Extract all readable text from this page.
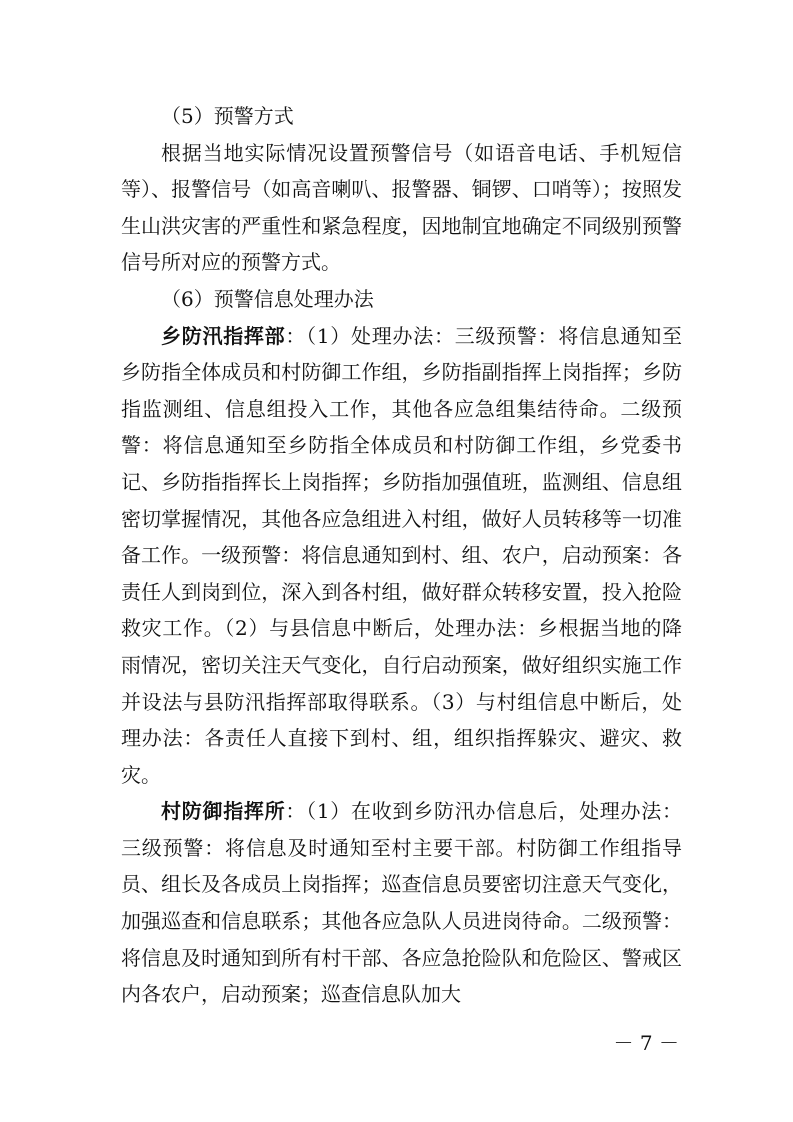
（5）预警方式

根据当地实际情况设置预警信号（如语音电话、手机短信等）、报警信号（如高音喇叭、报警器、铜锣、口哨等）；按照发生山洪灾害的严重性和紧急程度，因地制宜地确定不同级别预警信号所对应的预警方式。

（6）预警信息处理办法

乡防汛指挥部：（1）处理办法：三级预警：将信息通知至乡防指全体成员和村防御工作组，乡防指副指挥上岗指挥；乡防指监测组、信息组投入工作，其他各应急组集结待命。二级预警：将信息通知至乡防指全体成员和村防御工作组，乡党委书记、乡防指指挥长上岗指挥；乡防指加强值班，监测组、信息组密切掌握情况，其他各应急组进入村组，做好人员转移等一切准备工作。一级预警：将信息通知到村、组、农户，启动预案：各责任人到岗到位，深入到各村组，做好群众转移安置，投入抢险救灾工作。（2）与县信息中断后，处理办法：乡根据当地的降雨情况，密切关注天气变化，自行启动预案，做好组织实施工作并设法与县防汛指挥部取得联系。（3）与村组信息中断后，处理办法：各责任人直接下到村、组，组织指挥躲灾、避灾、救灾。

村防御指挥所：（1）在收到乡防汛办信息后，处理办法：三级预警：将信息及时通知至村主要干部。村防御工作组指导员、组长及各成员上岗指挥；巡查信息员要密切注意天气变化，加强巡查和信息联系；其他各应急队人员进岗待命。二级预警：将信息及时通知到所有村干部、各应急抢险队和危险区、警戒区内各农户，启动预案；巡查信息队加大

－ 7 －
